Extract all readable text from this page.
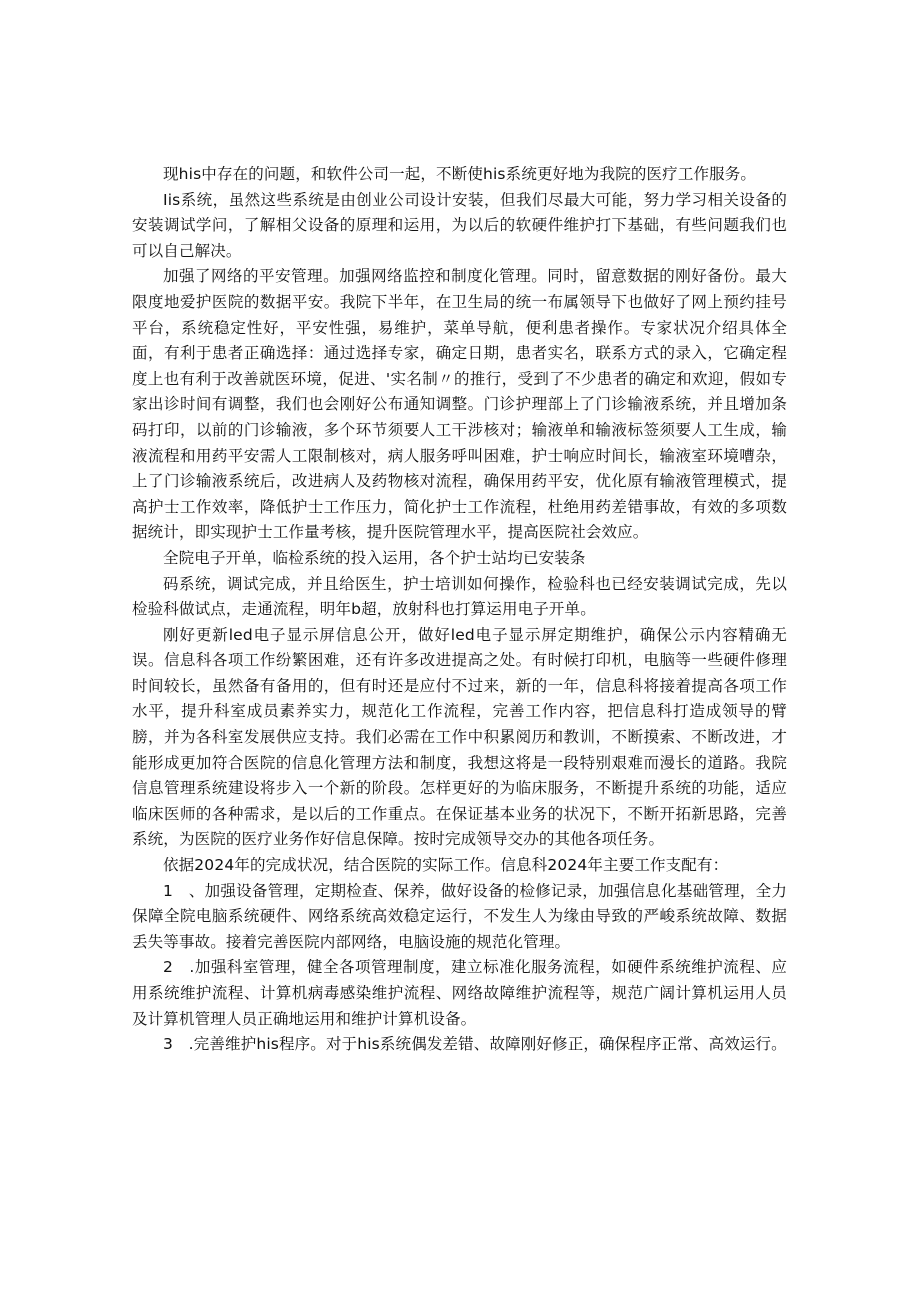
现his中存在的问题，和软件公司一起，不断使his系统更好地为我院的医疗工作服务。

Iis系统，虽然这些系统是由创业公司设计安装，但我们尽最大可能，努力学习相关设备的安装调试学问，了解相父设备的原理和运用，为以后的软硬件维护打下基础，有些问题我们也可以自己解决。

加强了网络的平安管理。加强网络监控和制度化管理。同时，留意数据的刚好备份。最大限度地爱护医院的数据平安。我院下半年，在卫生局的统一布属领导下也做好了网上预约挂号平台，系统稳定性好，平安性强，易维护，菜单导航，便利患者操作。专家状况介绍具体全面，有利于患者正确选择：通过选择专家，确定日期，患者实名，联系方式的录入，它确定程度上也有利于改善就医环境，促进、'实名制〃的推行，受到了不少患者的确定和欢迎，假如专家出诊时间有调整，我们也会刚好公布通知调整。门诊护理部上了门诊输液系统，并且增加条码打印，以前的门诊输液，多个环节须要人工干涉核对；输液单和输液标签须要人工生成，输液流程和用药平安需人工限制核对，病人服务呼叫困难，护士响应时间长，输液室环境嘈杂，上了门诊输液系统后，改进病人及药物核对流程，确保用药平安，优化原有输液管理模式，提高护士工作效率，降低护士工作压力，简化护士工作流程，杜绝用药差错事故，有效的多项数据统计，即实现护士工作量考核，提升医院管理水平，提高医院社会效应。

全院电子开单，临检系统的投入运用，各个护士站均已安装条

码系统，调试完成，并且给医生，护士培训如何操作，检验科也已经安装调试完成，先以检验科做试点，走通流程，明年b超，放射科也打算运用电子开单。

刚好更新led电子显示屏信息公开，做好led电子显示屏定期维护，确保公示内容精确无误。信息科各项工作纷繁困难，还有许多改进提高之处。有时候打印机，电脑等一些硬件修理时间较长，虽然备有备用的，但有时还是应付不过来，新的一年，信息科将接着提高各项工作水平，提升科室成员素养实力，规范化工作流程，完善工作内容，把信息科打造成领导的臂膀，并为各科室发展供应支持。我们必需在工作中积累阅历和教训，不断摸索、不断改进，才能形成更加符合医院的信息化管理方法和制度，我想这将是一段特别艰难而漫长的道路。我院信息管理系统建设将步入一个新的阶段。怎样更好的为临床服务，不断提升系统的功能，适应临床医师的各种需求，是以后的工作重点。在保证基本业务的状况下，不断开拓新思路，完善系统，为医院的医疗业务作好信息保障。按时完成领导交办的其他各项任务。

依据2024年的完成状况，结合医院的实际工作。信息科2024年主要工作支配有：

1　、加强设备管理，定期检查、保养，做好设备的检修记录，加强信息化基础管理，全力保障全院电脑系统硬件、网络系统高效稳定运行，不发生人为缘由导致的严峻系统故障、数据丢失等事故。接着完善医院内部网络，电脑设施的规范化管理。

2　.加强科室管理，健全各项管理制度，建立标准化服务流程，如硬件系统维护流程、应用系统维护流程、计算机病毒感染维护流程、网络故障维护流程等，规范广阔计算机运用人员及计算机管理人员正确地运用和维护计算机设备。

3　.完善维护his程序。对于his系统偶发差错、故障刚好修正，确保程序正常、高效运行。
